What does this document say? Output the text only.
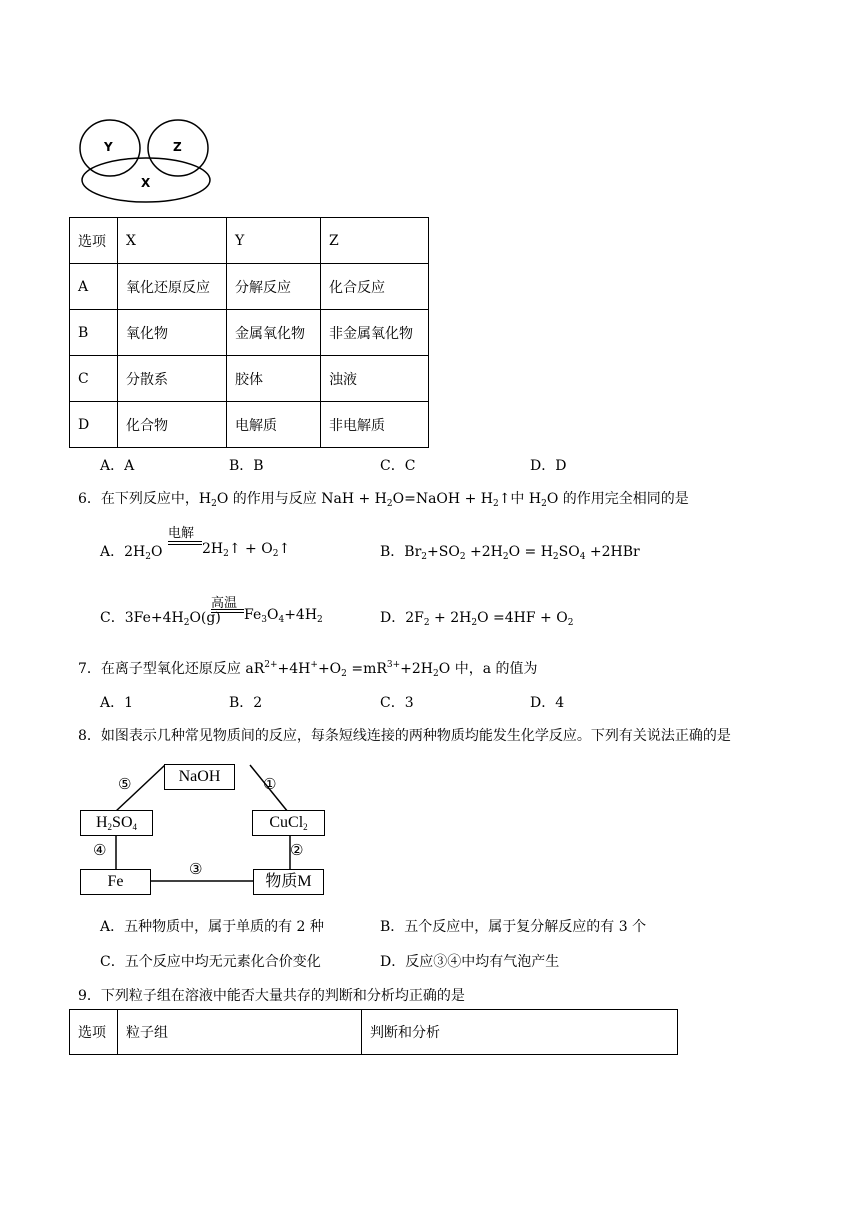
Y	Z
X
选项	X	Y	Z
A	氧化还原反应	分解反应	化合反应
B	氧化物	金属氧化物	非金属氧化物
C	分散系	胶体	浊液
D	化合物	电解质	非电解质
A．A	B．B	C．C	D．D
6．在下列反应中，$H_2O$ 的作用与反应 NaH + $H_2O=NaOH$ + $H_2↑$中 $H_2O$ 的作用完全相同的是
A．$2H_2O$
电解
$2H_2↑$ + $O_2↑$	B．$Br_2+SO_2 +2H_2O = H_2SO_4 +2HBr$
C．$3Fe+4H_2O(g)$
高温
$Fe_3O_4+4H_2$	D．$2F_2 + 2H_2O =4HF + O_2$
7．在离子型氧化还原反应 $aR^{2+}+4H^++O_2 =mR^{3+}+2H_2O$ 中，a 的值为
A．1	B．2	C．3	D．4
8．如图表示几种常见物质间的反应，每条短线连接的两种物质均能发生化学反应。下列有关说法正确的是
NaOH
$H_2SO_4$	CuCl$_2$
Fe	物质M
⑤	①
④	②
③
A．五种物质中，属于单质的有 2 种	B．五个反应中，属于复分解反应的有 3 个
C．五个反应中均无元素化合价变化	D．反应③④中均有气泡产生
9．下列粒子组在溶液中能否大量共存的判断和分析均正确的是
选项	粒子组	判断和分析
